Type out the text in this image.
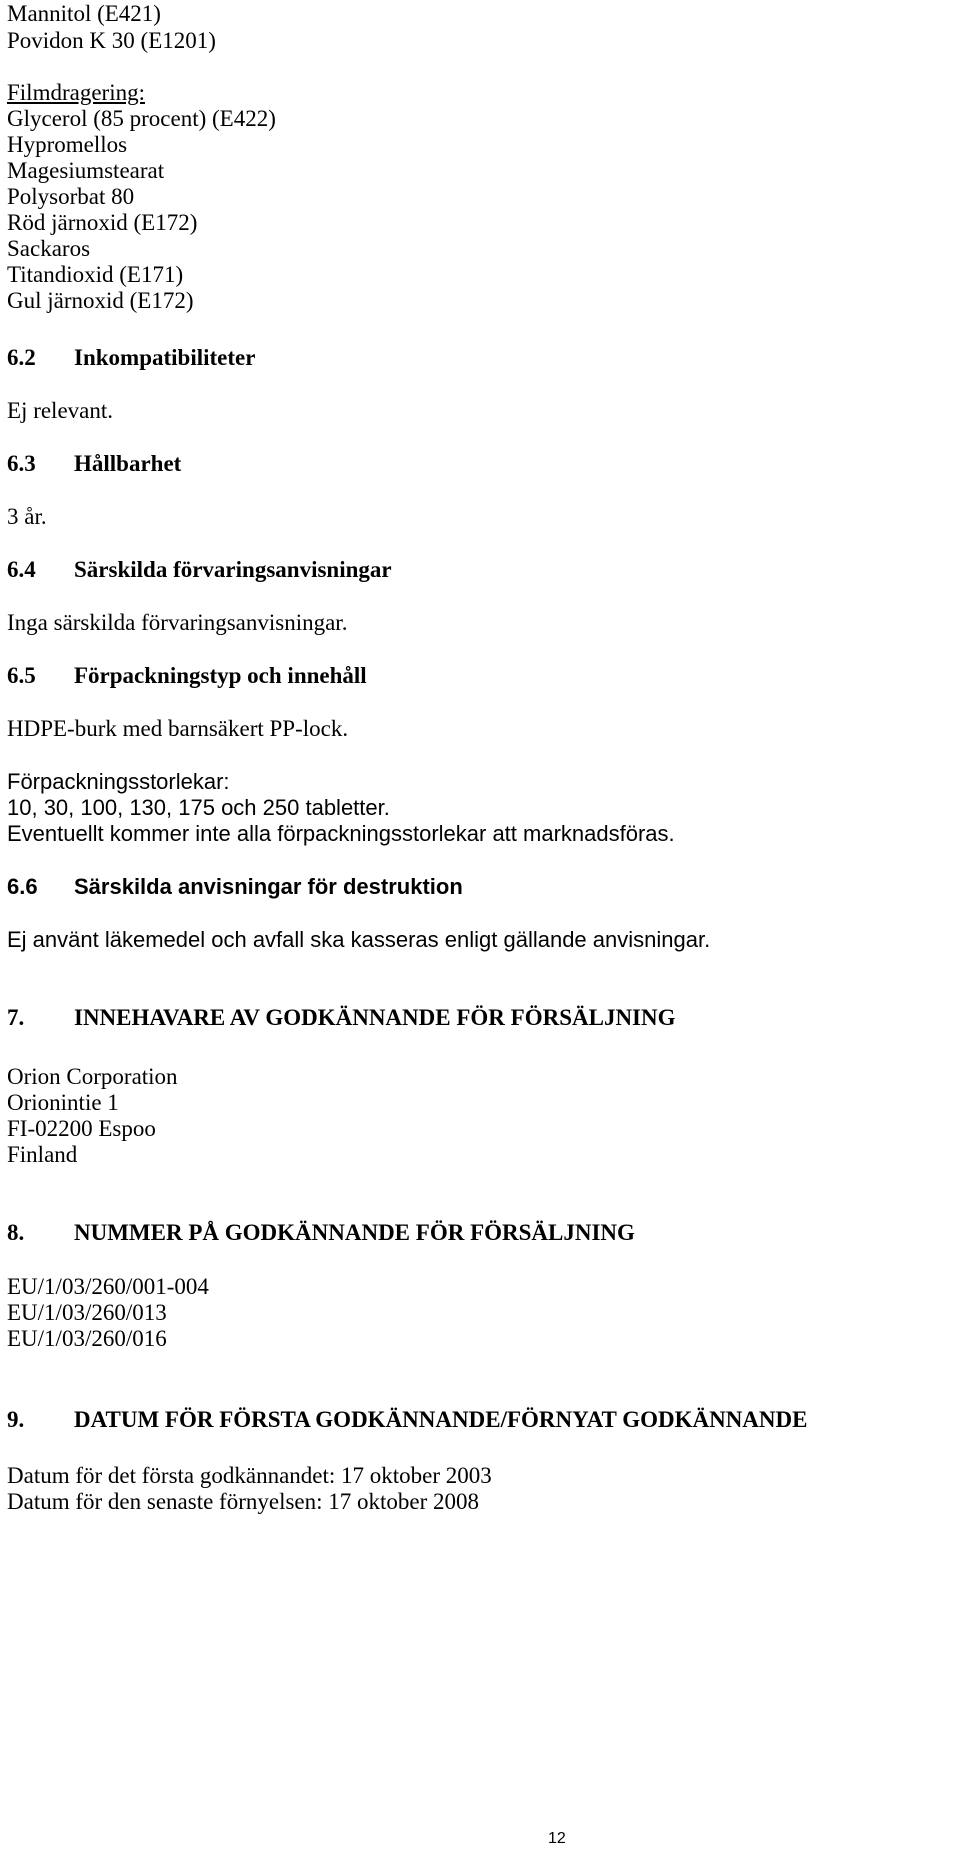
Mannitol (E421)
Povidon K 30 (E1201)
Filmdragering:
Glycerol (85 procent) (E422)
Hypromellos
Magesiumstearat
Polysorbat 80
Röd järnoxid (E172)
Sackaros
Titandioxid (E171)
Gul järnoxid (E172)
6.2 Inkompatibiliteter
Ej relevant.
6.3 Hållbarhet
3 år.
6.4 Särskilda förvaringsanvisningar
Inga särskilda förvaringsanvisningar.
6.5 Förpackningstyp och innehåll
HDPE-burk med barnsäkert PP-lock.
Förpackningsstorlekar:
10, 30, 100, 130, 175 och 250 tabletter.
Eventuellt kommer inte alla förpackningsstorlekar att marknadsföras.
6.6 Särskilda anvisningar för destruktion
Ej använt läkemedel och avfall ska kasseras enligt gällande anvisningar.
7. INNEHAVARE AV GODKÄNNANDE FÖR FÖRSÄLJNING
Orion Corporation
Orionintie 1
FI-02200 Espoo
Finland
8. NUMMER PÅ GODKÄNNANDE FÖR FÖRSÄLJNING
EU/1/03/260/001-004
EU/1/03/260/013
EU/1/03/260/016
9. DATUM FÖR FÖRSTA GODKÄNNANDE/FÖRNYAT GODKÄNNANDE
Datum för det första godkännandet: 17 oktober 2003
Datum för den senaste förnyelsen: 17 oktober 2008
12
